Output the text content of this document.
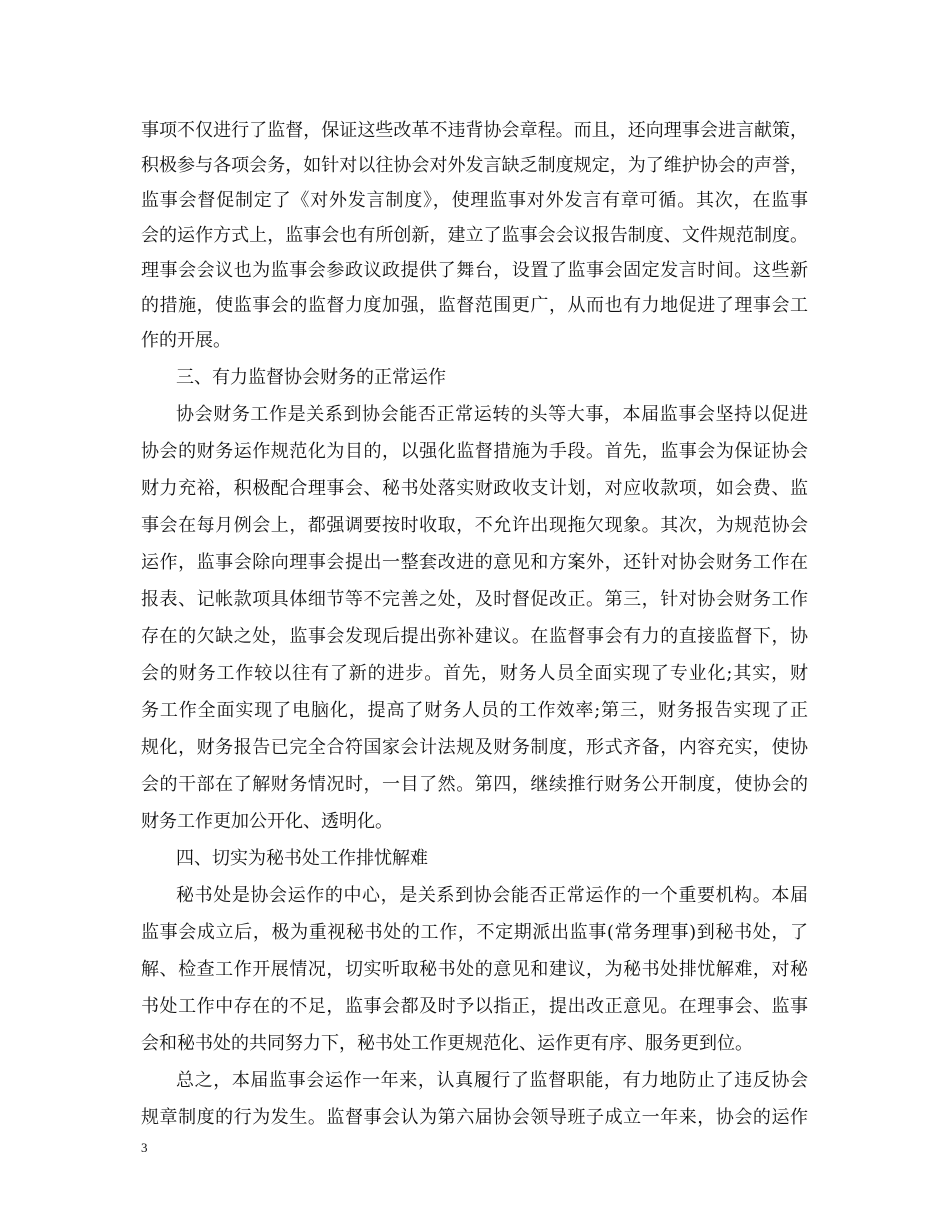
事项不仅进行了监督，保证这些改革不违背协会章程。而且，还向理事会进言献策，
积极参与各项会务，如针对以往协会对外发言缺乏制度规定，为了维护协会的声誉，
监事会督促制定了《对外发言制度》，使理监事对外发言有章可循。其次，在监事
会的运作方式上，监事会也有所创新，建立了监事会会议报告制度、文件规范制度。
理事会会议也为监事会参政议政提供了舞台，设置了监事会固定发言时间。这些新
的措施，使监事会的监督力度加强，监督范围更广，从而也有力地促进了理事会工
作的开展。
三、有力监督协会财务的正常运作
协会财务工作是关系到协会能否正常运转的头等大事，本届监事会坚持以促进
协会的财务运作规范化为目的，以强化监督措施为手段。首先，监事会为保证协会
财力充裕，积极配合理事会、秘书处落实财政收支计划，对应收款项，如会费、监
事会在每月例会上，都强调要按时收取，不允许出现拖欠现象。其次，为规范协会
运作，监事会除向理事会提出一整套改进的意见和方案外，还针对协会财务工作在
报表、记帐款项具体细节等不完善之处，及时督促改正。第三，针对协会财务工作
存在的欠缺之处，监事会发现后提出弥补建议。在监督事会有力的直接监督下，协
会的财务工作较以往有了新的进步。首先，财务人员全面实现了专业化;其实，财
务工作全面实现了电脑化，提高了财务人员的工作效率;第三，财务报告实现了正
规化，财务报告已完全合符国家会计法规及财务制度，形式齐备，内容充实，使协
会的干部在了解财务情况时，一目了然。第四，继续推行财务公开制度，使协会的
财务工作更加公开化、透明化。
四、切实为秘书处工作排忧解难
秘书处是协会运作的中心，是关系到协会能否正常运作的一个重要机构。本届
监事会成立后，极为重视秘书处的工作，不定期派出监事(常务理事)到秘书处，了
解、检查工作开展情况，切实听取秘书处的意见和建议，为秘书处排忧解难，对秘
书处工作中存在的不足，监事会都及时予以指正，提出改正意见。在理事会、监事
会和秘书处的共同努力下，秘书处工作更规范化、运作更有序、服务更到位。
总之，本届监事会运作一年来，认真履行了监督职能，有力地防止了违反协会
规章制度的行为发生。监督事会认为第六届协会领导班子成立一年来，协会的运作
3
